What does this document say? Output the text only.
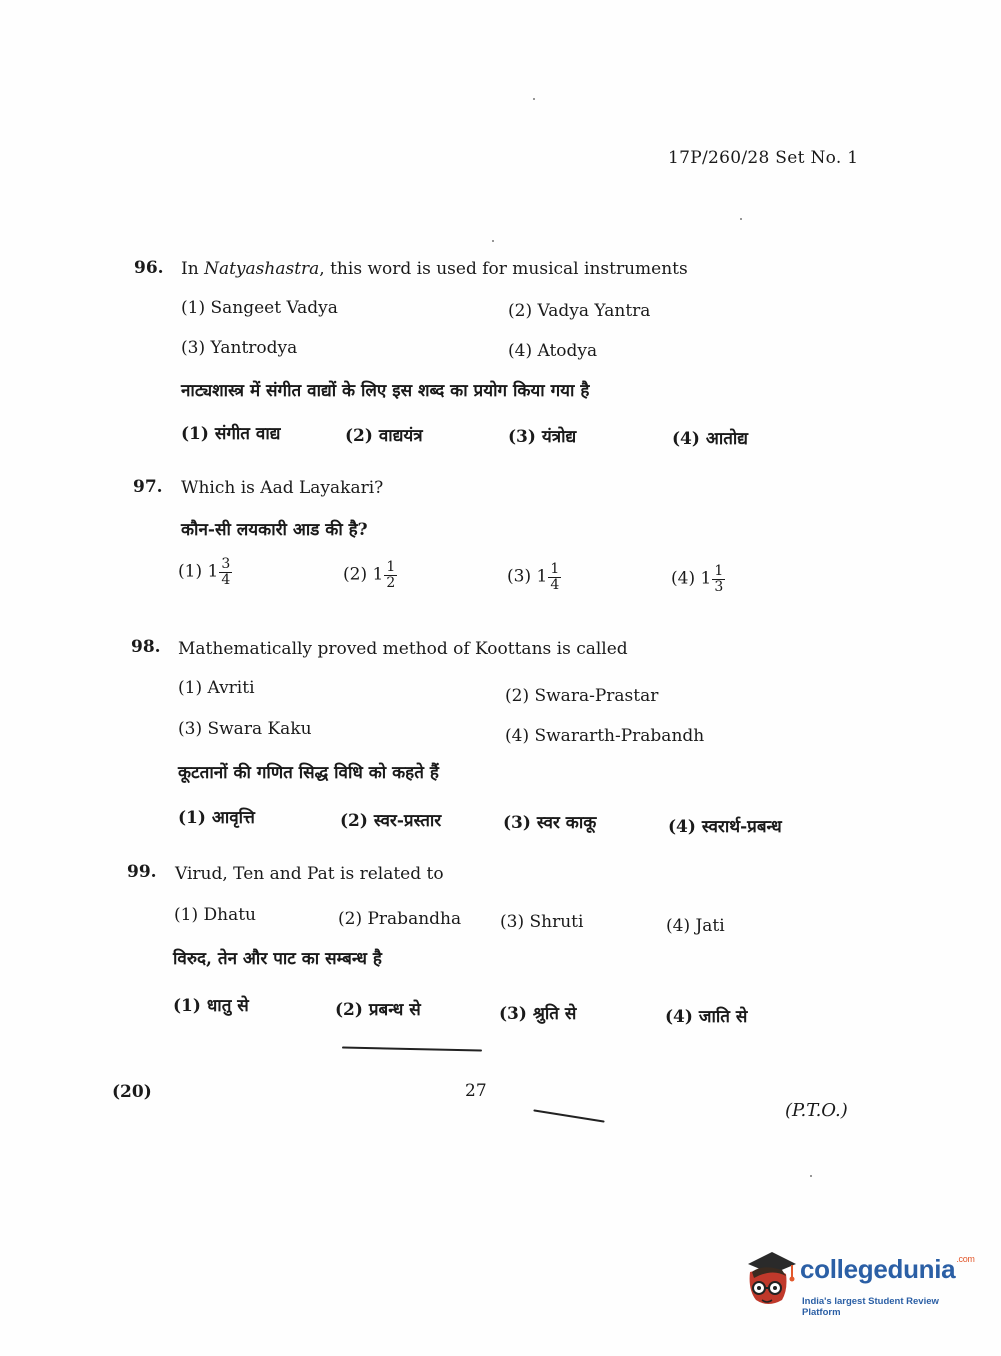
17P/260/28 Set No. 1
96. In Natyashastra, this word is used for musical instruments
(1) Sangeet Vadya	(2) Vadya Yantra
(3) Yantrodya	(4) Atodya
नाट्यशास्त्र में संगीत वाद्यों के लिए इस शब्द का प्रयोग किया गया है
(1) संगीत वाद्य	(2) वाद्ययंत्र	(3) यंत्रोद्य	(4) आतोद्य
97. Which is Aad Layakari?
कौन-सी लयकारी आड की है?
(1) $1 \frac{3}{4}$	(2) $1 \frac{1}{2}$	(3) $1 \frac{1}{4}$	(4) $1 \frac{1}{3}$
98. Mathematically proved method of Koottans is called
(1) Avriti	(2) Swara-Prastar
(3) Swara Kaku	(4) Swararth-Prabandh
कूटतानों की गणित सिद्ध विधि को कहते हैं
(1) आवृत्ति	(2) स्वर-प्रस्तार	(3) स्वर काकू	(4) स्वरार्थ-प्रबन्ध
99. Virud, Ten and Pat is related to
(1) Dhatu	(2) Prabandha (3) Shruti	(4) Jati
विरुद, तेन और पाट का सम्बन्ध है
(1) धातु से	(2) प्रबन्ध से	(3) श्रुति से	(4) जाति से
(20)	27
(P.T.O.)
collegedunia$^{.com}$
India's largest Student Review Platform
